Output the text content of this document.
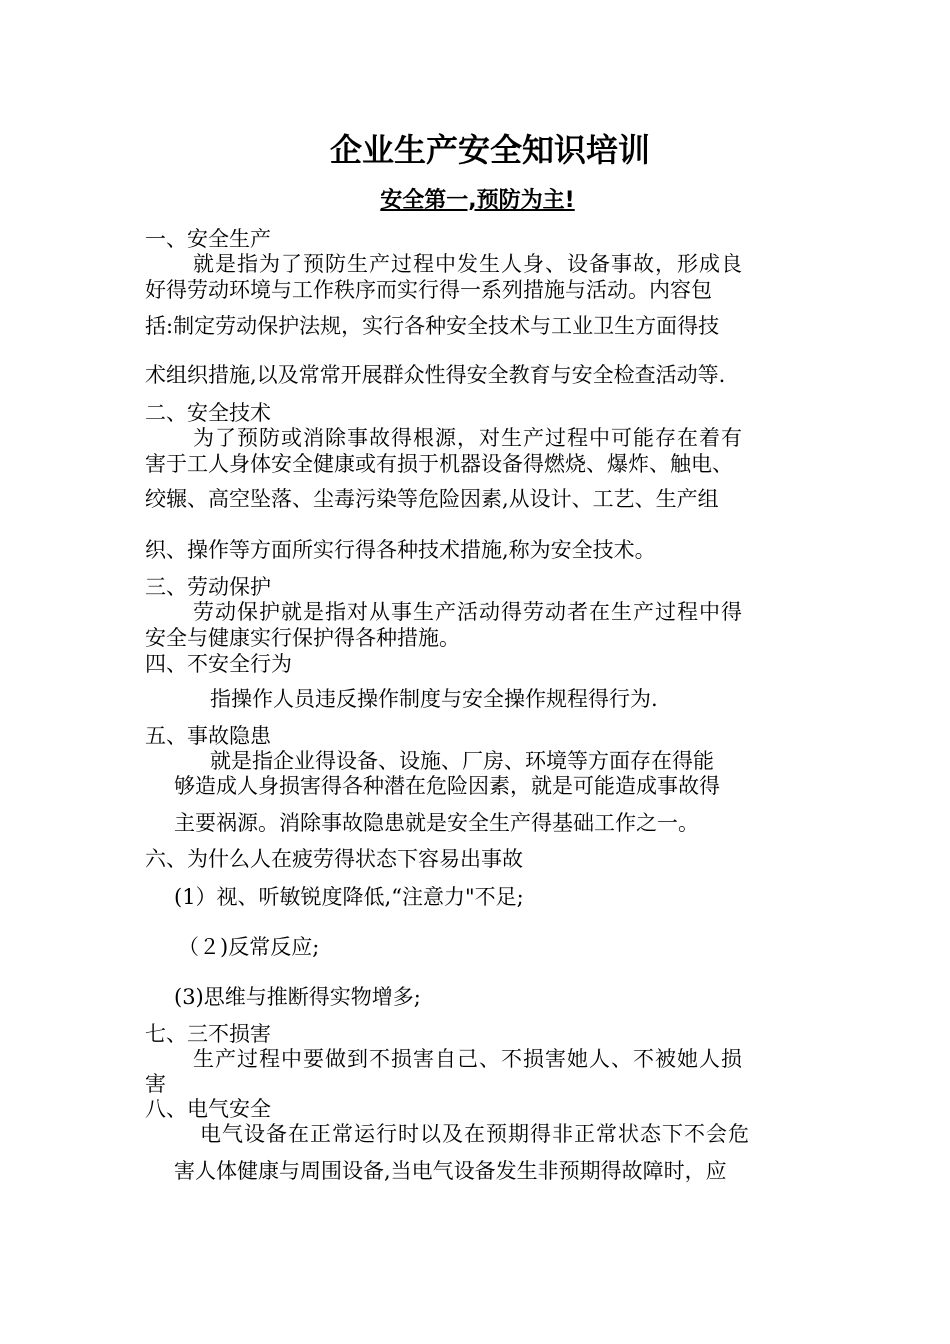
企业生产安全知识培训
安全第一,预防为主!
一、安全生产
就是指为了预防生产过程中发生人身、设备事故，形成良
好得劳动环境与工作秩序而实行得一系列措施与活动。内容包
括:制定劳动保护法规，实行各种安全技术与工业卫生方面得技
术组织措施,以及常常开展群众性得安全教育与安全检查活动等.
二、安全技术
为了预防或消除事故得根源，对生产过程中可能存在着有
害于工人身体安全健康或有损于机器设备得燃烧、爆炸、触电、
绞辗、高空坠落、尘毒污染等危险因素,从设计、工艺、生产组
织、操作等方面所实行得各种技术措施,称为安全技术。
三、劳动保护
劳动保护就是指对从事生产活动得劳动者在生产过程中得
安全与健康实行保护得各种措施。
四、不安全行为
指操作人员违反操作制度与安全操作规程得行为.
五、事故隐患
就是指企业得设备、设施、厂房、环境等方面存在得能
够造成人身损害得各种潜在危险因素，就是可能造成事故得
主要祸源。消除事故隐患就是安全生产得基础工作之一。
六、为什么人在疲劳得状态下容易出事故
(1）视、听敏锐度降低,“注意力"不足;
（２)反常反应;
(3)思维与推断得实物增多;
七、三不损害
生产过程中要做到不损害自己、不损害她人、不被她人损
害
八、电气安全
电气设备在正常运行时以及在预期得非正常状态下不会危
害人体健康与周围设备,当电气设备发生非预期得故障时，应
